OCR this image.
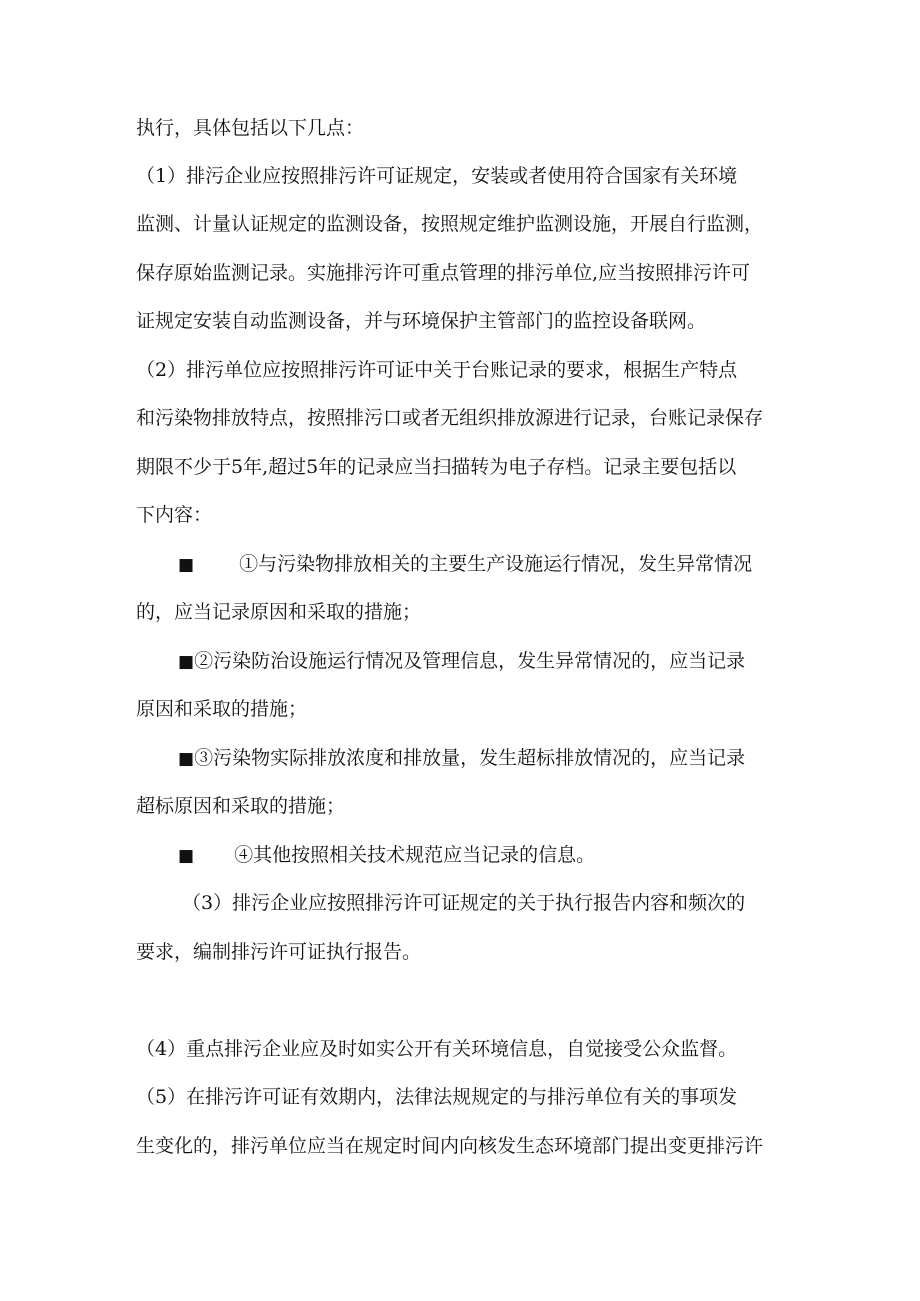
执行，具体包括以下几点：
（1）排污企业应按照排污许可证规定，安装或者使用符合国家有关环境
监测、计量认证规定的监测设备，按照规定维护监测设施，开展自行监测，
保存原始监测记录。实施排污许可重点管理的排污单位,应当按照排污许可
证规定安装自动监测设备，并与环境保护主管部门的监控设备联网。
（2）排污单位应按照排污许可证中关于台账记录的要求，根据生产特点
和污染物排放特点，按照排污口或者无组织排放源进行记录，台账记录保存
期限不少于5年,超过5年的记录应当扫描转为电子存档。记录主要包括以
下内容：
■ ①与污染物排放相关的主要生产设施运行情况，发生异常情况
的，应当记录原因和采取的措施；
■②污染防治设施运行情况及管理信息，发生异常情况的，应当记录
原因和采取的措施；
■③污染物实际排放浓度和排放量，发生超标排放情况的，应当记录
超标原因和采取的措施；
■ ④其他按照相关技术规范应当记录的信息。
（3）排污企业应按照排污许可证规定的关于执行报告内容和频次的
要求，编制排污许可证执行报告。
（4）重点排污企业应及时如实公开有关环境信息，自觉接受公众监督。
（5）在排污许可证有效期内，法律法规规定的与排污单位有关的事项发
生变化的，排污单位应当在规定时间内向核发生态环境部门提出变更排污许
